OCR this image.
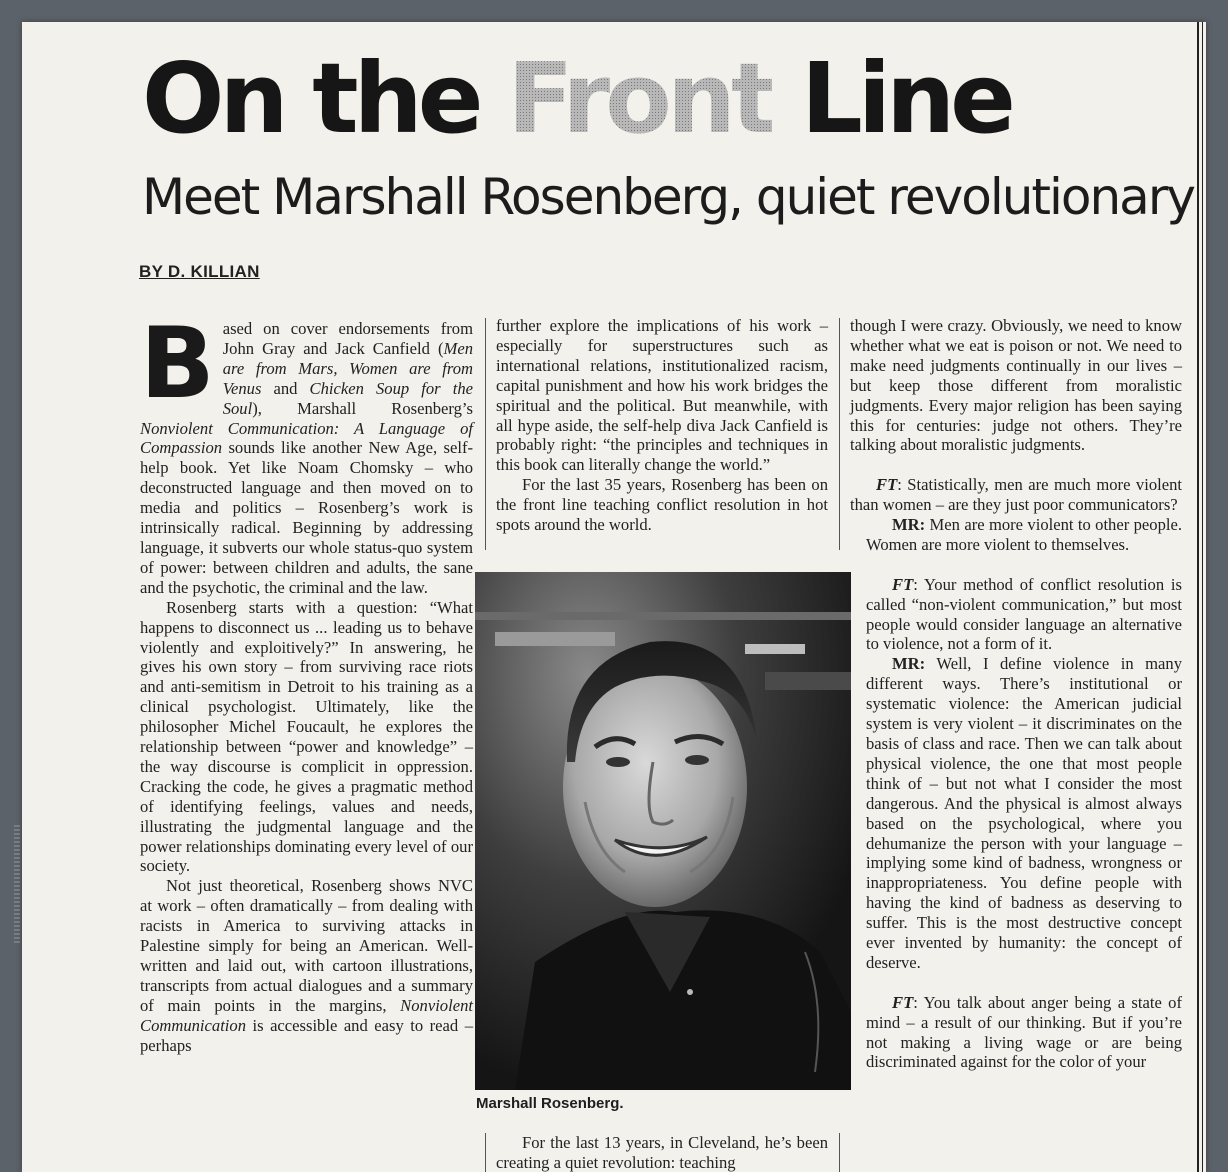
On the Front Line
Meet Marshall Rosenberg, quiet revolutionary
BY D. KILLIAN

Based on cover endorsements from John Gray and Jack Canfield (Men are from Mars, Women are from Venus and Chicken Soup for the Soul), Marshall Rosenberg’s Nonviolent Communication: A Language of Compassion sounds like another New Age, self-help book. Yet like Noam Chomsky – who deconstructed language and then moved on to media and politics – Rosenberg’s work is intrinsically radical. Beginning by addressing language, it subverts our whole status-quo system of power: between children and adults, the sane and the psychotic, the criminal and the law.

Rosenberg starts with a question: “What happens to disconnect us ... leading us to behave violently and exploitively?” In answering, he gives his own story – from surviving race riots and anti-semitism in Detroit to his training as a clinical psychologist. Ultimately, like the philosopher Michel Foucault, he explores the relationship between “power and knowledge” – the way discourse is complicit in oppression. Cracking the code, he gives a pragmatic method of identifying feelings, values and needs, illustrating the judgmental language and the power relationships dominating every level of our society.

Not just theoretical, Rosenberg shows NVC at work – often dramatically – from dealing with racists in America to surviving attacks in Palestine simply for being an American. Well-written and laid out, with cartoon illustrations, transcripts from actual dialogues and a summary of main points in the margins, Nonviolent Communication is accessible and easy to read – perhaps

further explore the implications of his work – especially for superstructures such as international relations, institutionalized racism, capital punishment and how his work bridges the spiritual and the political. But meanwhile, with all hype aside, the self-help diva Jack Canfield is probably right: “the principles and techniques in this book can literally change the world.”

For the last 35 years, Rosenberg has been on the front line teaching conflict resolution in hot spots around the world.

Marshall Rosenberg.

For the last 13 years, in Cleveland, he’s been creating a quiet revolution: teaching

though I were crazy. Obviously, we need to know whether what we eat is poison or not. We need to make need judgments continually in our lives – but keep those different from moralistic judgments. Every major religion has been saying this for centuries: judge not others. They’re talking about moralistic judgments.

FT: Statistically, men are much more violent than women – are they just poor communicators?

MR: Men are more violent to other people. Women are more violent to themselves.

FT: Your method of conflict resolution is called “non-violent communication,” but most people would consider language an alternative to violence, not a form of it.

MR: Well, I define violence in many different ways. There’s institutional or systematic violence: the American judicial system is very violent – it discriminates on the basis of class and race. Then we can talk about physical violence, the one that most people think of – but not what I consider the most dangerous. And the physical is almost always based on the psychological, where you dehumanize the person with your language – implying some kind of badness, wrongness or inappropriateness. You define people with having the kind of badness as deserving to suffer. This is the most destructive concept ever invented by humanity: the concept of deserve.

FT: You talk about anger being a state of mind – a result of our thinking. But if you’re not making a living wage or are being discriminated against for the color of your
